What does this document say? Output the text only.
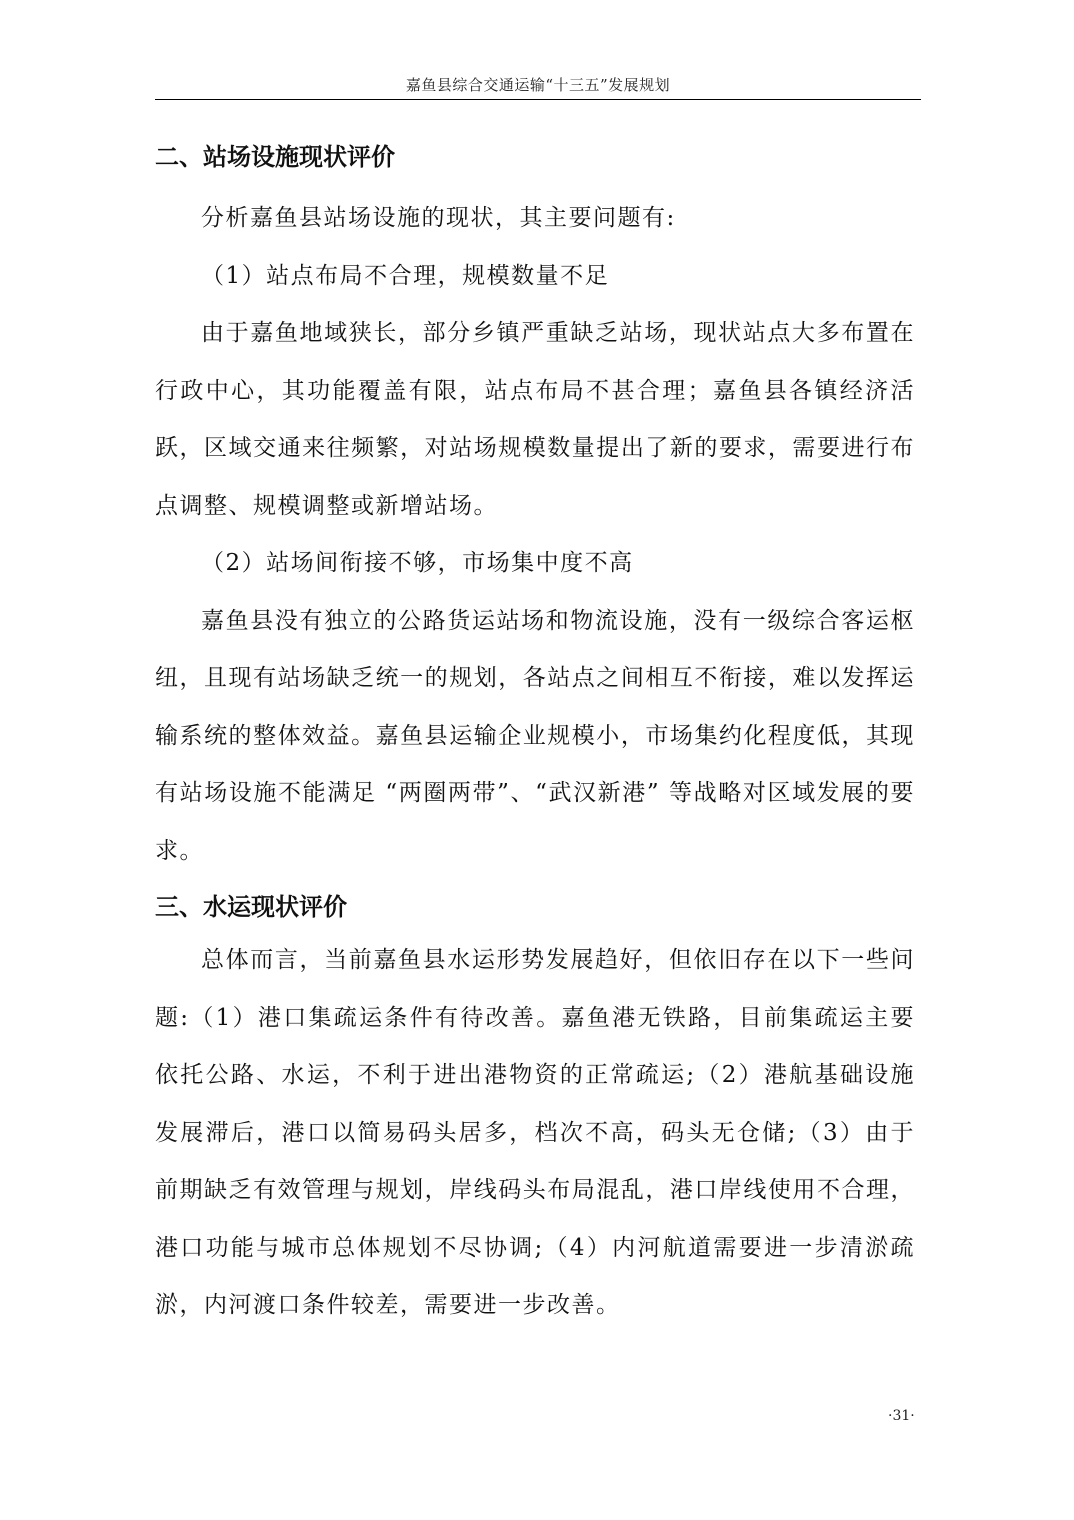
嘉鱼县综合交通运输“十三五”发展规划
二、站场设施现状评价

分析嘉鱼县站场设施的现状，其主要问题有:

（1）站点布局不合理，规模数量不足

由于嘉鱼地域狭长，部分乡镇严重缺乏站场，现状站点大多布置在行政中心，其功能覆盖有限，站点布局不甚合理；嘉鱼县各镇经济活跃，区域交通来往频繁，对站场规模数量提出了新的要求，需要进行布点调整、规模调整或新增站场。

（2）站场间衔接不够，市场集中度不高

嘉鱼县没有独立的公路货运站场和物流设施，没有一级综合客运枢纽，且现有站场缺乏统一的规划，各站点之间相互不衔接，难以发挥运输系统的整体效益。嘉鱼县运输企业规模小，市场集约化程度低，其现有站场设施不能满足 “两圈两带”、“武汉新港” 等战略对区域发展的要求。

三、水运现状评价

总体而言，当前嘉鱼县水运形势发展趋好，但依旧存在以下一些问题:（1）港口集疏运条件有待改善。嘉鱼港无铁路，目前集疏运主要依托公路、水运，不利于进出港物资的正常疏运;（2）港航基础设施发展滞后，港口以简易码头居多，档次不高，码头无仓储;（3）由于前期缺乏有效管理与规划，岸线码头布局混乱，港口岸线使用不合理，港口功能与城市总体规划不尽协调;（4）内河航道需要进一步清淤疏淤，内河渡口条件较差，需要进一步改善。

·31·
